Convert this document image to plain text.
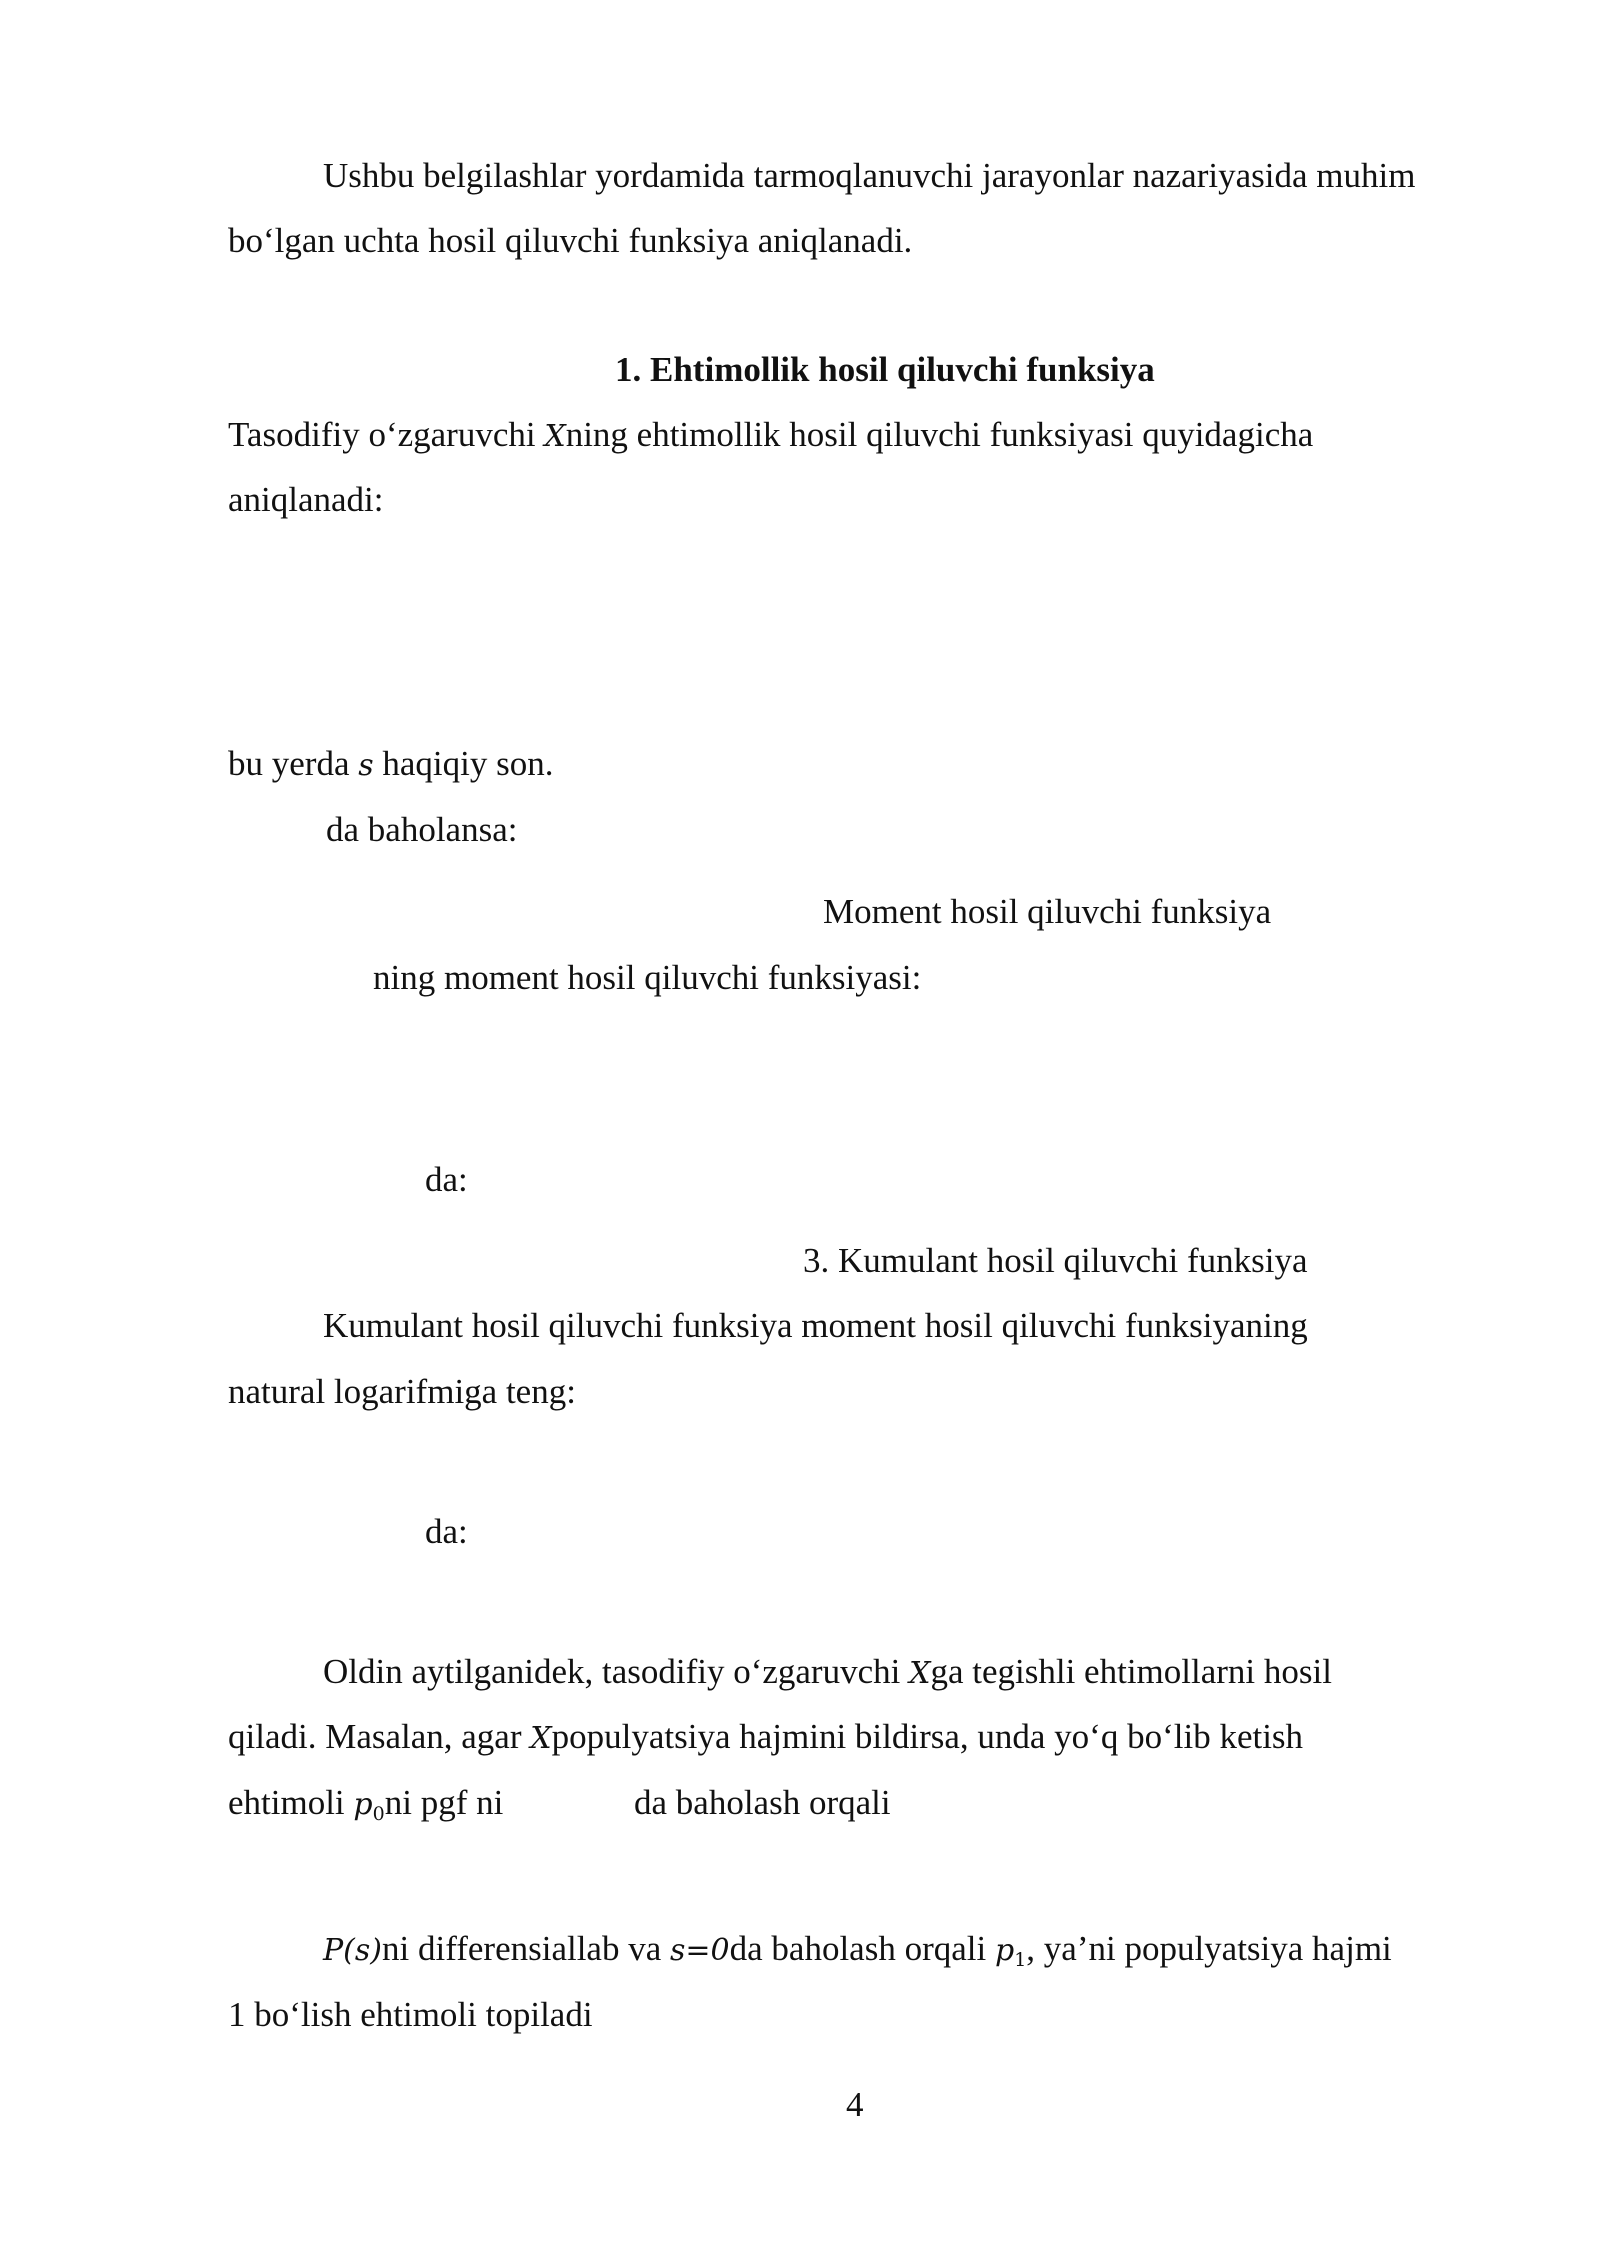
Ushbu belgilashlar yordamida tarmoqlanuvchi jarayonlar nazariyasida muhim
bo‘lgan uchta hosil qiluvchi funksiya aniqlanadi.
1. Ehtimollik hosil qiluvchi funksiya
Tasodifiy o‘zgaruvchi Xning ehtimollik hosil qiluvchi funksiyasi quyidagicha
aniqlanadi:
bu yerda s haqiqiy son.
da baholansa:
Moment hosil qiluvchi funksiya
ning moment hosil qiluvchi funksiyasi:
da:
3. Kumulant hosil qiluvchi funksiya
Kumulant hosil qiluvchi funksiya moment hosil qiluvchi funksiyaning
natural logarifmiga teng:
da:
Oldin aytilganidek, tasodifiy o‘zgaruvchi Xga tegishli ehtimollarni hosil
qiladi. Masalan, agar Xpopulyatsiya hajmini bildirsa, unda yo‘q bo‘lib ketish
ehtimoli $p_0ni$ pgf ni	da baholash orqali
P(s)ni differensiallab va s=0da baholash orqali $p_1$, ya’ni populyatsiya hajmi
1 bo‘lish ehtimoli topiladi
4
